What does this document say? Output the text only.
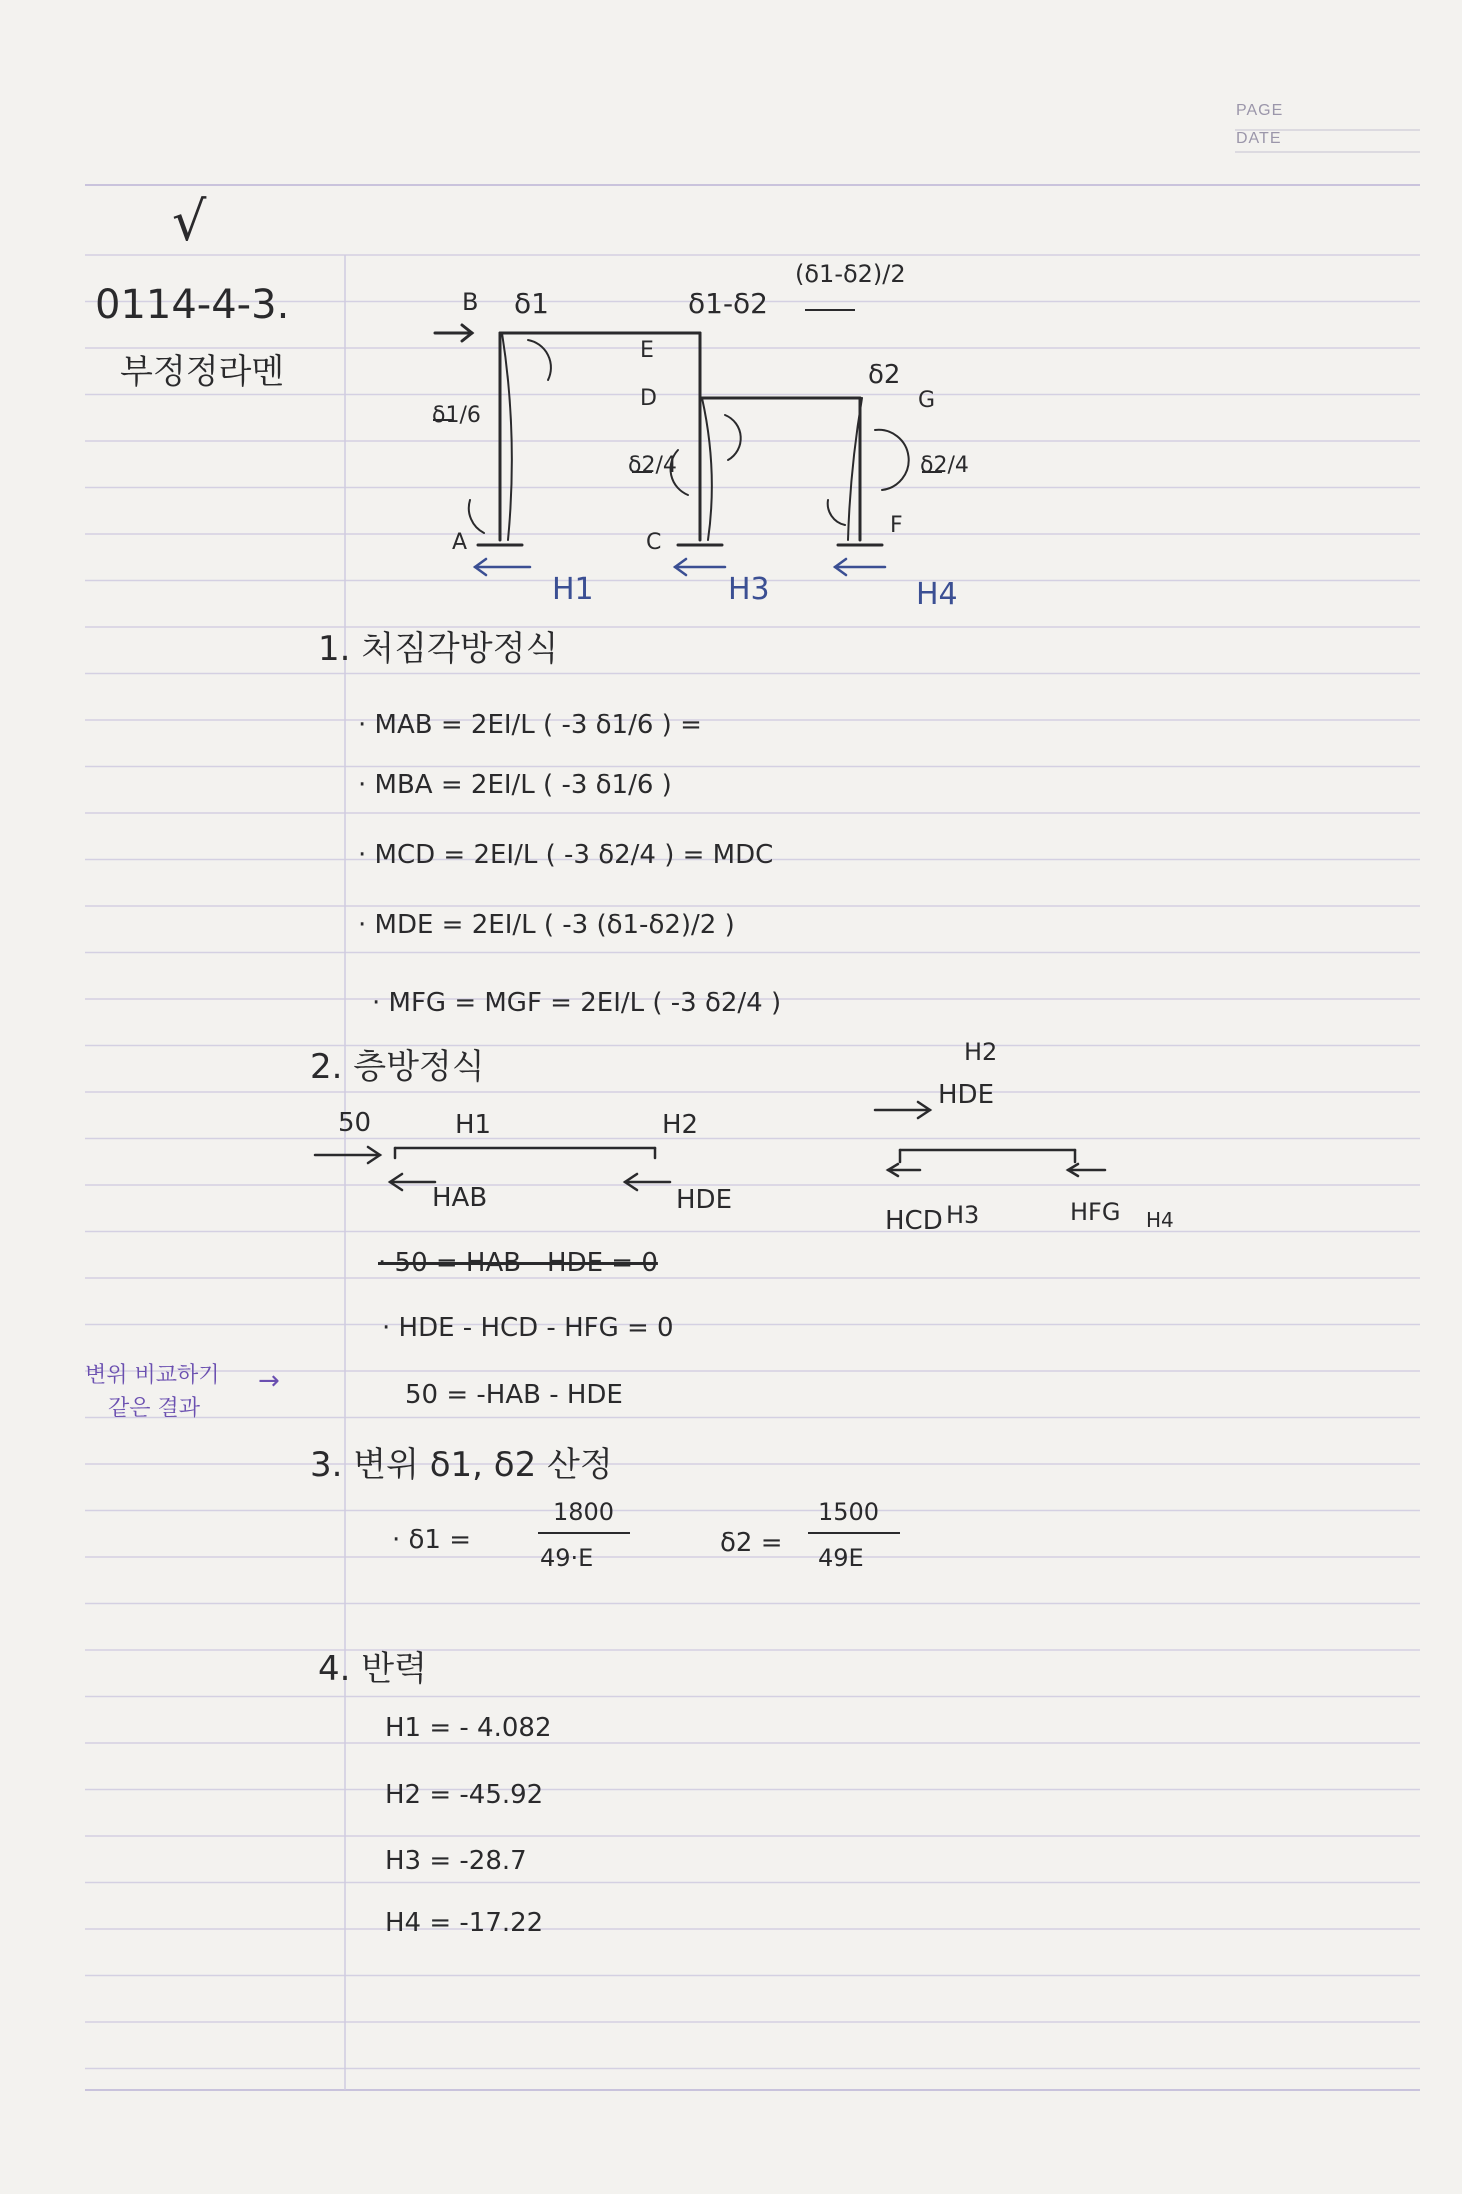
PAGE
DATE
√
0114-4-3.
부정정라멘
B δ1	δ1-δ2
(δ1-δ2)/2
E
D
δ2
G
δ1/6
δ2/4	δ2/4
A	C
F
H1	H3	H4
1. 처짐각방정식
· MAB = 2EI/L ( -3 δ1/6 ) =
· MBA = 2EI/L ( -3 δ1/6 )
· MCD = 2EI/L ( -3 δ2/4 ) = MDC
· MDE = 2EI/L ( -3 (δ1-δ2)/2 )
· MFG = MGF = 2EI/L ( -3 δ2/4 )
2. 층방정식
50	H1	H2
HAB	HDE
H2
HDE
HCD H3	HFG H4
· 50 = HAB - HDE = 0
· HDE - HCD - HFG = 0
50 = -HAB - HDE
변위 비교하기
같은 결과
→
3. 변위 δ1, δ2 산정
· δ1 =
1800
49·E	δ2 =
1500
49E
4. 반력
H1 = - 4.082
H2 = -45.92
H3 = -28.7
H4 = -17.22
